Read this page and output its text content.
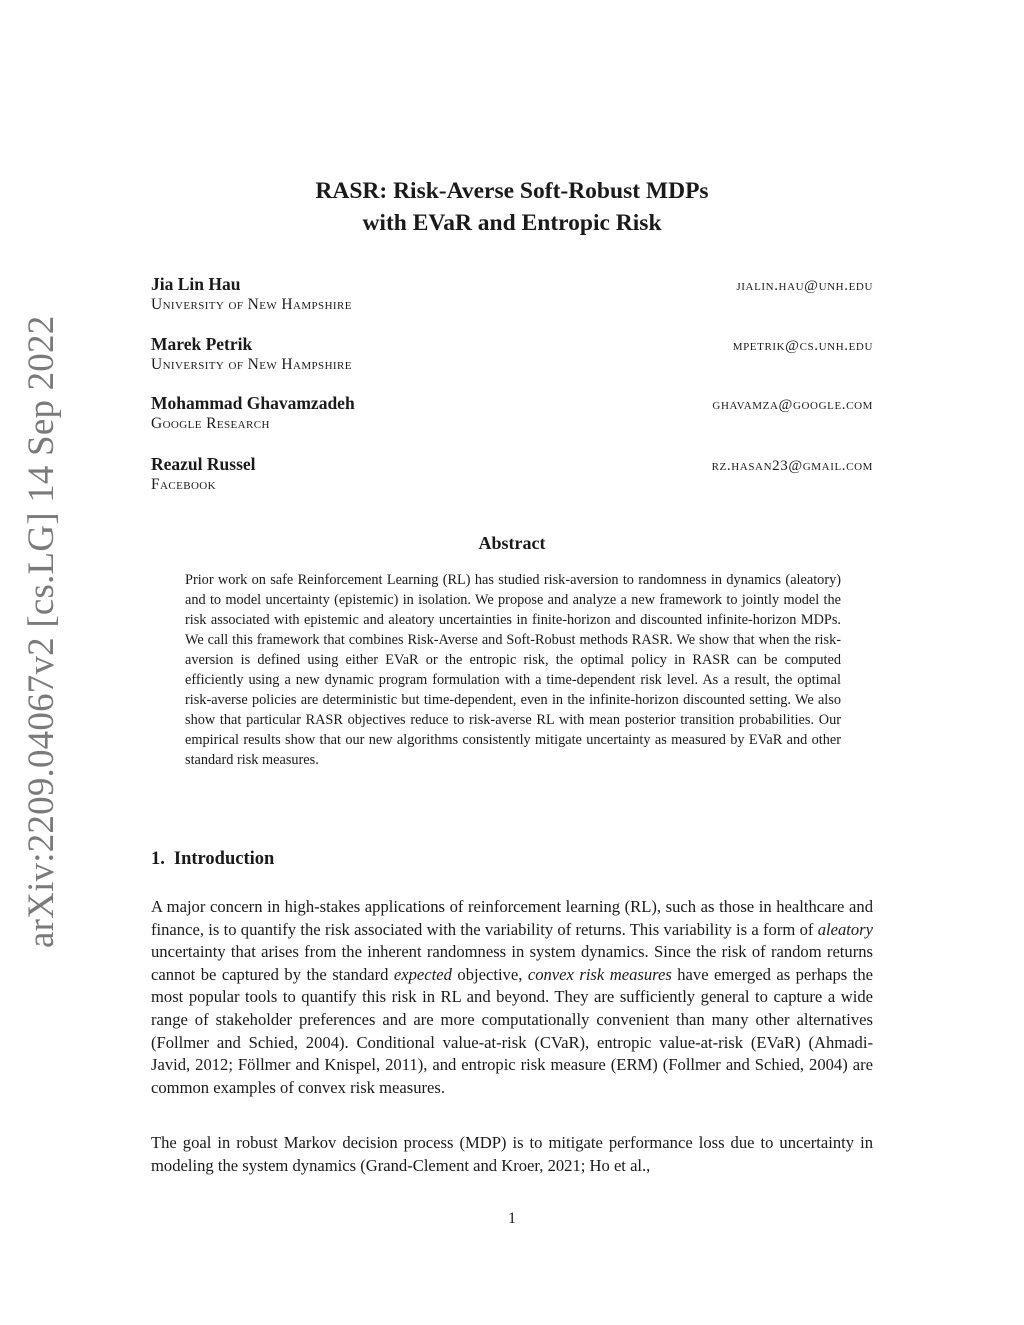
arXiv:2209.04067v2 [cs.LG] 14 Sep 2022
RASR: Risk-Averse Soft-Robust MDPs
with EVaR and Entropic Risk
Jia Lin Hau	jialin.hau@unh.edu
University of New Hampshire
Marek Petrik	mpetrik@cs.unh.edu
University of New Hampshire
Mohammad Ghavamzadeh	ghavamza@google.com
Google Research
Reazul Russel	rz.hasan23@gmail.com
Facebook
Abstract

Prior work on safe Reinforcement Learning (RL) has studied risk-aversion to randomness in dynamics (aleatory) and to model uncertainty (epistemic) in isolation. We propose and analyze a new framework to jointly model the risk associated with epistemic and aleatory uncertainties in finite-horizon and discounted infinite-horizon MDPs. We call this framework that combines Risk-Averse and Soft-Robust methods RASR. We show that when the risk-aversion is defined using either EVaR or the entropic risk, the optimal policy in RASR can be computed efficiently using a new dynamic program formulation with a time-dependent risk level. As a result, the optimal risk-averse policies are deterministic but time-dependent, even in the infinite-horizon discounted setting. We also show that particular RASR objectives reduce to risk-averse RL with mean posterior transition probabilities. Our empirical results show that our new algorithms consistently mitigate uncertainty as measured by EVaR and other standard risk measures.

1. Introduction

A major concern in high-stakes applications of reinforcement learning (RL), such as those in healthcare and finance, is to quantify the risk associated with the variability of returns. This variability is a form of aleatory uncertainty that arises from the inherent randomness in system dynamics. Since the risk of random returns cannot be captured by the standard expected objective, convex risk measures have emerged as perhaps the most popular tools to quantify this risk in RL and beyond. They are sufficiently general to capture a wide range of stakeholder preferences and are more computationally convenient than many other alternatives (Follmer and Schied, 2004). Conditional value-at-risk (CVaR), entropic value-at-risk (EVaR) (Ahmadi-Javid, 2012; Föllmer and Knispel, 2011), and entropic risk measure (ERM) (Follmer and Schied, 2004) are common examples of convex risk measures.

The goal in robust Markov decision process (MDP) is to mitigate performance loss due to uncertainty in modeling the system dynamics (Grand-Clement and Kroer, 2021; Ho et al.,

1
